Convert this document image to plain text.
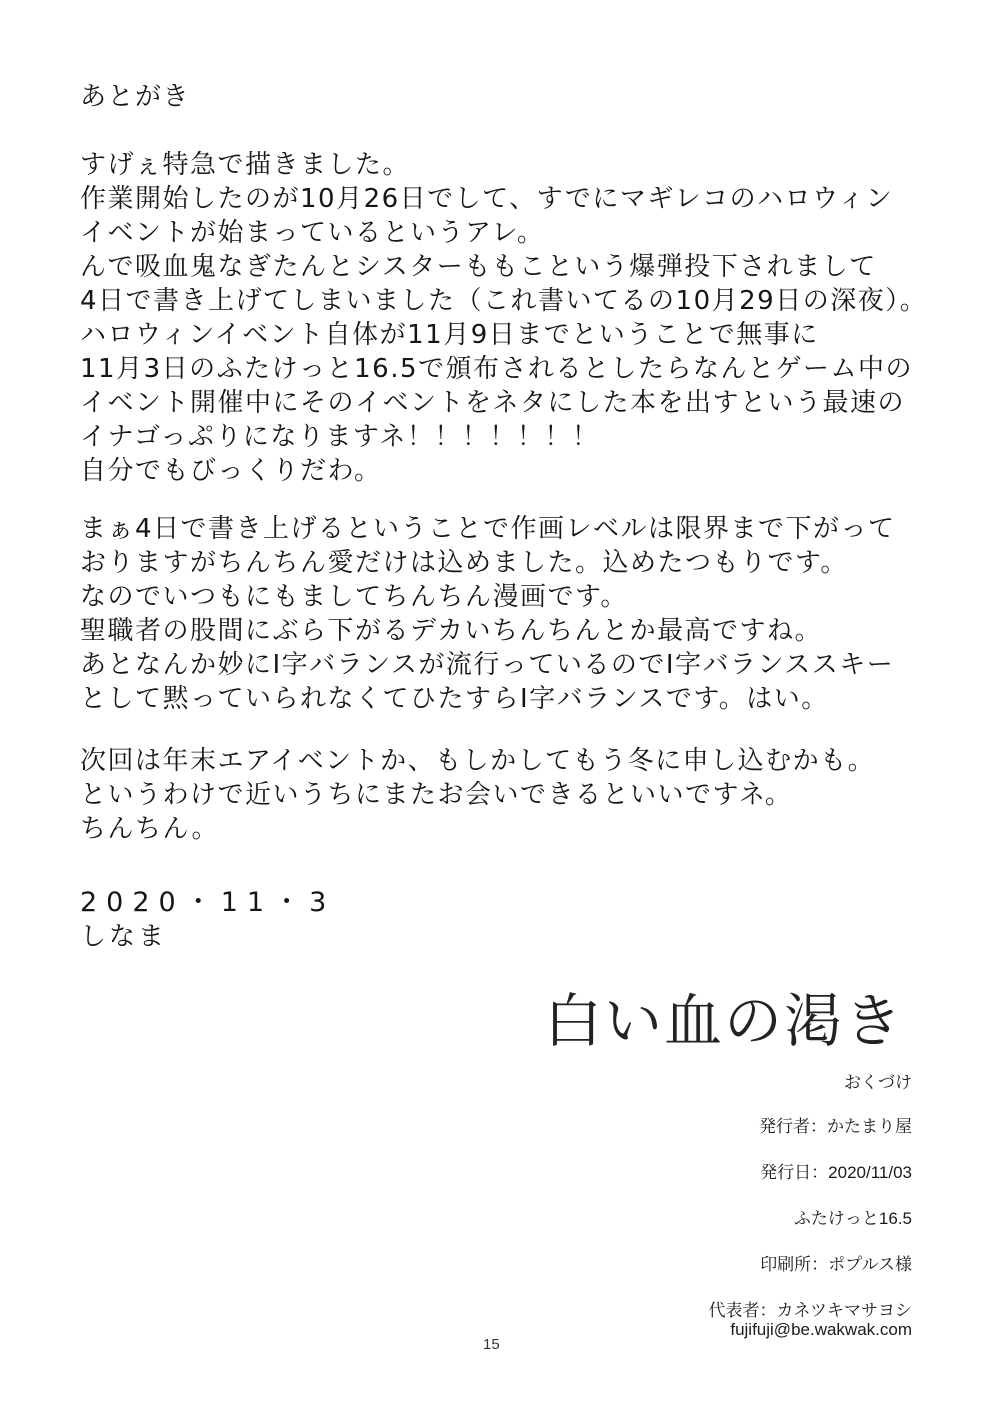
あとがき
すげぇ特急で描きました。
作業開始したのが10月26日でして、すでにマギレコのハロウィン
イベントが始まっているというアレ。
んで吸血鬼なぎたんとシスターももこという爆弾投下されまして
4日で書き上げてしまいました（これ書いてるの10月29日の深夜）。
ハロウィンイベント自体が11月9日までということで無事に
11月3日のふたけっと16.5で頒布されるとしたらなんとゲーム中の
イベント開催中にそのイベントをネタにした本を出すという最速の
イナゴっぷりになりますネ！！！！！！！
自分でもびっくりだわ。
まぁ4日で書き上げるということで作画レベルは限界まで下がって
おりますがちんちん愛だけは込めました。込めたつもりです。
なのでいつもにもましてちんちん漫画です。
聖職者の股間にぶら下がるデカいちんちんとか最高ですね。
あとなんか妙にI字バランスが流行っているのでI字バランススキー
として黙っていられなくてひたすらI字バランスです。はい。
次回は年末エアイベントか、もしかしてもう冬に申し込むかも。
というわけで近いうちにまたお会いできるといいですネ。
ちんちん。
2020・11・3
しなま
白い血の渇き
おくづけ
発行者：かたまり屋
発行日：2020/11/03
ふたけっと16.5
印刷所：ポプルス様
代表者：カネツキマサヨシ
fujifuji@be.wakwak.com
15
